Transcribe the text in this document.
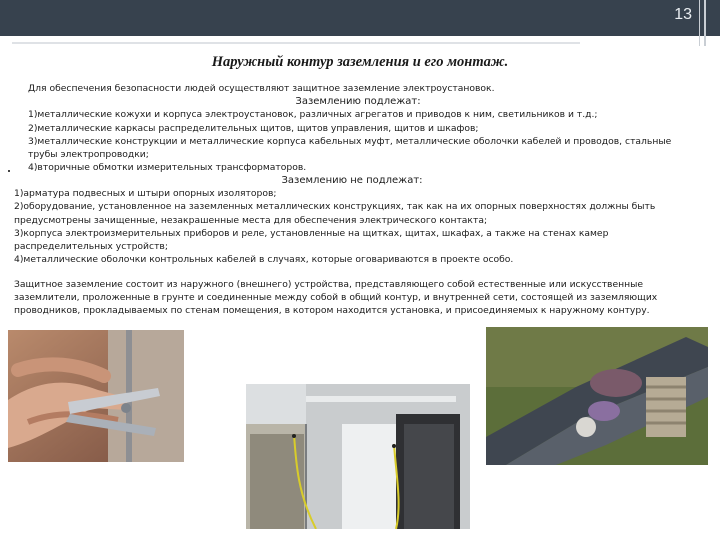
13
Наружный контур заземления и его монтаж.

Для обеспечения безопасности людей осуществляют защитное заземление электроустановок.

Заземлению подлежат:

1)металлические кожухи и корпуса электроустановок, различных агрегатов и приводов к ним, светильников и т.д.;

2)металлические каркасы распределительных щитов, щитов управления, щитов и шкафов;

3)металлические конструкции и металлические корпуса кабельных муфт, металлические оболочки кабелей и проводов, стальные трубы электропроводки;

4)вторичные обмотки измерительных трансформаторов.

Заземлению не подлежат:

1)арматура подвесных и штыри опорных изоляторов;

2)оборудование, установленное на заземленных металлических конструкциях, так как на их опорных поверхностях должны быть предусмотрены зачищенные, незакрашенные места для обеспечения электрического контакта;

3)корпуса электроизмерительных приборов и реле, установленные на щитках, щитах, шкафах, а также на стенах камер распределительных устройств;

4)металлические оболочки контрольных кабелей в случаях, которые оговариваются в проекте особо.

Защитное заземление состоит из наружного (внешнего) устройства, представляющего собой естественные или искусственные заземлители, проложенные в грунте и соединенные между собой в общий контур, и внутренней сети, состоящей из заземляющих проводников, прокладываемых по стенам помещения, в котором находится установка, и присоединяемых к наружному контуру.
